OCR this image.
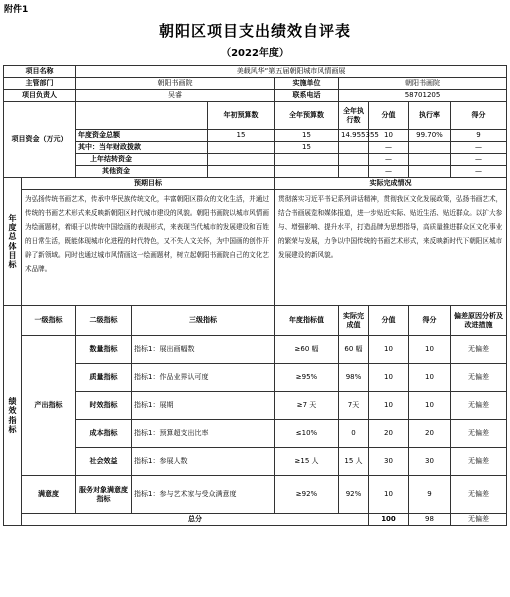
附件1
朝阳区项目支出绩效自评表
（2022年度）
项目名称		美载风华“第五届朝阳城市风情画展							
主管部门		朝阳书画院			实施单位	朝阳书画院			
项目负责人		吴睿			联系电话	58701205			
项目资金（万元）				年初预算数	全年预算数	全年执行数	分值	执行率	得分
		年度资金总额		15	15	14.955355	10	99.70%	9
		其中：当年财政拨款			15		—		—
		上年结转资金					—		—
		其他资金					—		—
年度总体目标	预期目标				实际完成情况				
	为弘扬传统书画艺术，传承中华民族传统文化，丰富朝阳区群众的文化生活，并通过传统的书画艺术形式来反映新朝阳区时代城市建设的风貌。朝阳书画院以城市风情画为绘画题材，着眼于以传统中国绘画的表现形式，来表现当代城市的发展建设和百姓的日常生活，既能体现城市化进程的时代特色，又不失人文关怀，为中国画的创作开辟了新领域。同时也通过城市风情画这一绘画题材，树立起朝阳书画院自己的文化艺术品牌。				贯彻落实习近平书记系列讲话精神，贯彻我区文化发展政策，弘扬书画艺术，结合书画展览和媒体报道，进一步贴近实际、贴近生活、贴近群众。以扩大参与、增强影响、提升水平，打造品牌为思想指导，高质量推进群众区文化事业的繁荣与发展，力争以中国传统的书画艺术形式，来反映新时代下朝阳区城市发展建设的新风貌。				
绩效指标	一级指标	二级指标	三级指标		年度指标值	实际完成值	分值	得分	偏差原因分析及改进措施
	产出指标	数量指标	指标1：展出画幅数		≥60 幅	60 幅	10	10	无偏差
		质量指标	指标1：作品业界认可度		≥95%	98%	10	10	无偏差
		时效指标	指标1：展期		≥7 天	7天	10	10	无偏差
		成本指标	指标1：预算超支出比率		≤10%	0	20	20	无偏差
		社会效益	指标1：参展人数		≥15 人	15 人	30	30	无偏差
	满意度	服务对象满意度指标	指标1：参与艺术家与受众满意度		≥92%	92%	10	9	无偏差
	总分						100	98	无偏差
